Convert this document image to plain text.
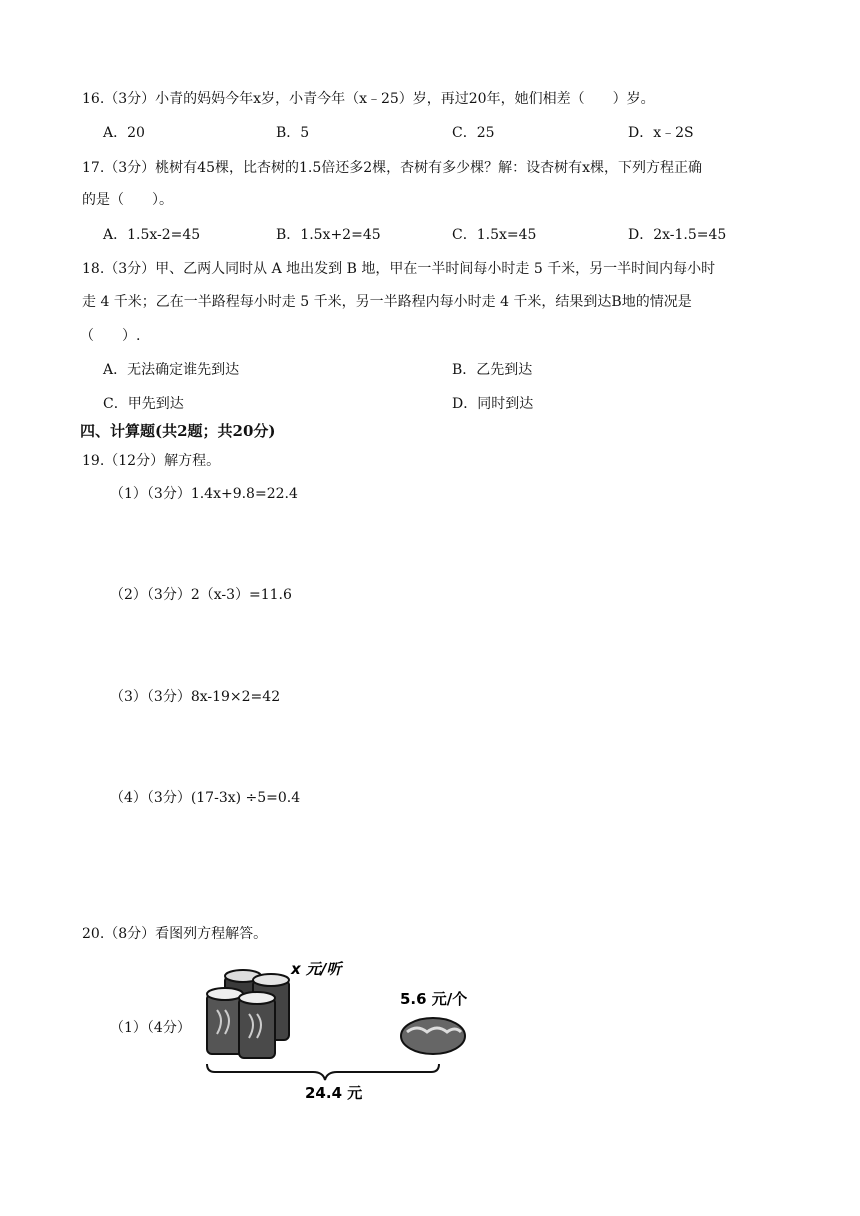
16.（3分）小青的妈妈今年x岁，小青今年（x﹣25）岁，再过20年，她们相差（　　）岁。
A．20	B．5	C．25	D．x﹣2S
17.（3分）桃树有45棵，比杏树的1.5倍还多2棵，杏树有多少棵？解：设杏树有x棵，下列方程正确
的是（　　）。
A．1.5x-2=45	B．1.5x+2=45	C．1.5x=45	D．2x-1.5=45
18.（3分）甲、乙两人同时从 A 地出发到 B 地，甲在一半时间每小时走 5 千米，另一半时间内每小时
走 4 千米；乙在一半路程每小时走 5 千米，另一半路程内每小时走 4 千米，结果到达B地的情况是
（　　）.
A．无法确定谁先到达	B．乙先到达
C．甲先到达	D．同时到达
四、计算题(共2题；共20分)
19.（12分）解方程。
（1）（3分）1.4x+9.8=22.4
（2）（3分）2（x-3）=11.6
（3）（3分）8x-19×2=42
（4）（3分）(17-3x) ÷5=0.4
20.（8分）看图列方程解答。
（1）（4分）
x 元/听
5.6 元/个
24.4 元
